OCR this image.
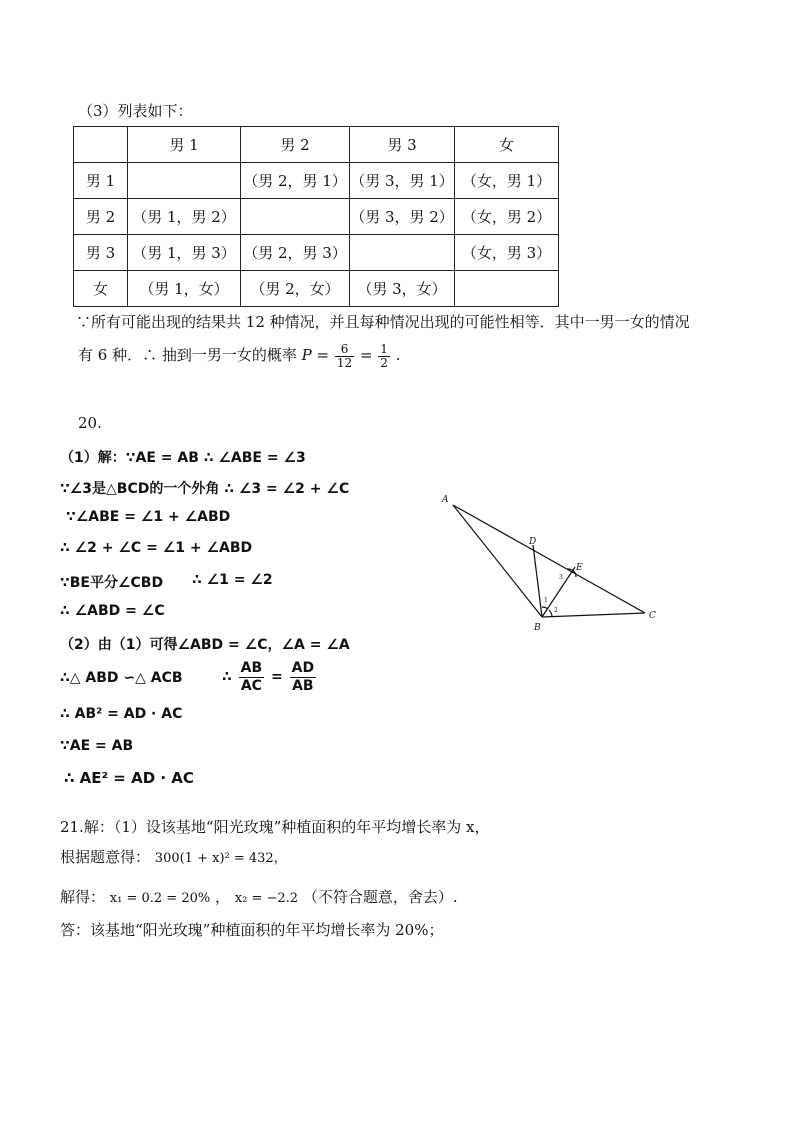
（3）列表如下：
	男 1	男 2	男 3	女
男 1		（男 2，男 1）	（男 3，男 1）	（女，男 1）
男 2	（男 1，男 2）		（男 3，男 2）	（女，男 2）
男 3	（男 1，男 3）	（男 2，男 3）		（女，男 3）
女	（男 1，女）	（男 2，女）	（男 3，女）	
∵所有可能出现的结果共 12 种情况，并且每种情况出现的可能性相等．其中一男一女的情况
有 6 种．∴ 抽到一男一女的概率 $P = \frac{6}{12} = \frac{1}{2}$ .
20.
（1）解：∵AE = AB ∴ ∠ABE = ∠3
∵∠3是△BCD的一个外角 ∴ ∠3 = ∠2 + ∠C
∵∠ABE = ∠1 + ∠ABD
∴ ∠2 + ∠C = ∠1 + ∠ABD
∵BE平分∠CBD ∴ ∠1 = ∠2
∴ ∠ABD = ∠C
（2）由（1）可得∠ABD = ∠C，∠A = ∠A
∴△ ABD ∽△ ACB	∴ $\frac{AB}{AC} = \frac{AD}{AB}$
∴ AB² = AD · AC
∵AE = AB
∴ AE² = AD · AC
A
B
C
D
E
1
2
3
21.解：（1）设该基地“阳光玫瑰”种植面积的年平均增长率为 x，
根据题意得： 300(1 + x)² = 432，
解得： x₁ = 0.2 = 20% ， x₂ = −2.2 （不符合题意，舍去）.
答：该基地“阳光玫瑰”种植面积的年平均增长率为 20%；
